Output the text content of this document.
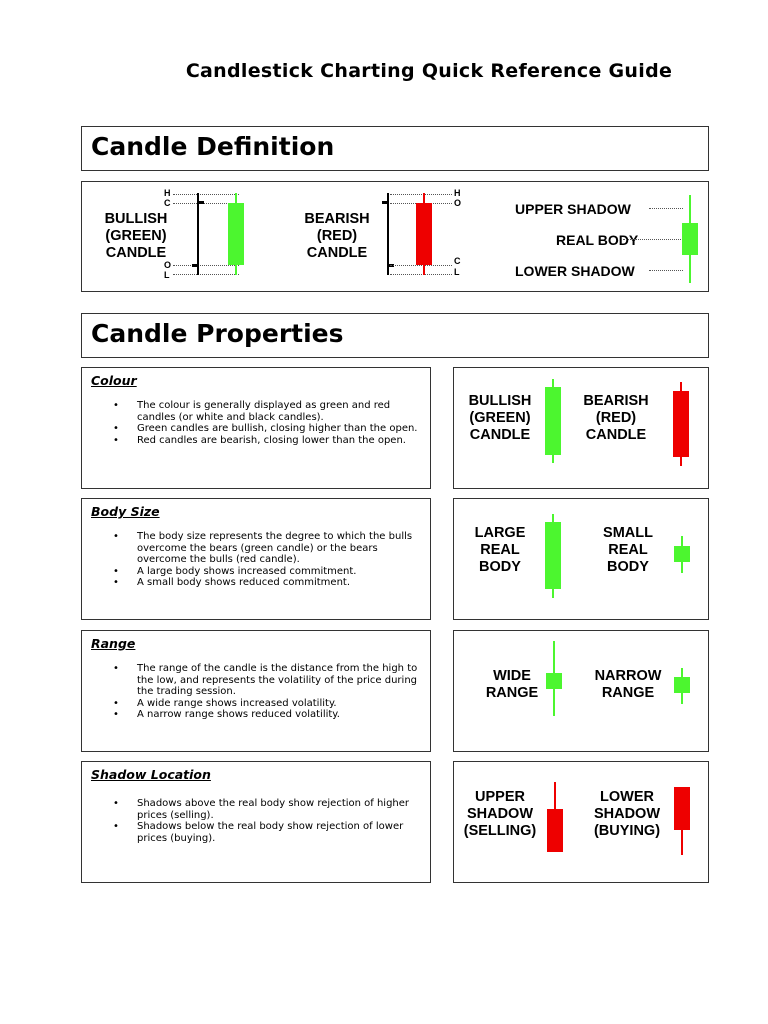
Candlestick Charting Quick Reference Guide
Candle Definition
BULLISH
(GREEN)
CANDLE
H
C
O
L
BEARISH
(RED)
CANDLE
H
O
C
L
UPPER SHADOW
REAL BODY
LOWER SHADOW
Candle Properties
Colour
• The colour is generally displayed as green and red candles (or white and black candles).
• Green candles are bullish, closing higher than the open.
• Red candles are bearish, closing lower than the open.
BULLISH
(GREEN)
CANDLE
BEARISH
(RED)
CANDLE
Body Size
• The body size represents the degree to which the bulls overcome the bears (green candle) or the bears overcome the bulls (red candle).
• A large body shows increased commitment.
• A small body shows reduced commitment.
LARGE
REAL
BODY
SMALL
REAL
BODY
Range
• The range of the candle is the distance from the high to the low, and represents the volatility of the price during the trading session.
• A wide range shows increased volatility.
• A narrow range shows reduced volatility.
WIDE
RANGE
NARROW
RANGE
Shadow Location
• Shadows above the real body show rejection of higher prices (selling).
• Shadows below the real body show rejection of lower prices (buying).
UPPER
SHADOW
(SELLING)
LOWER
SHADOW
(BUYING)
